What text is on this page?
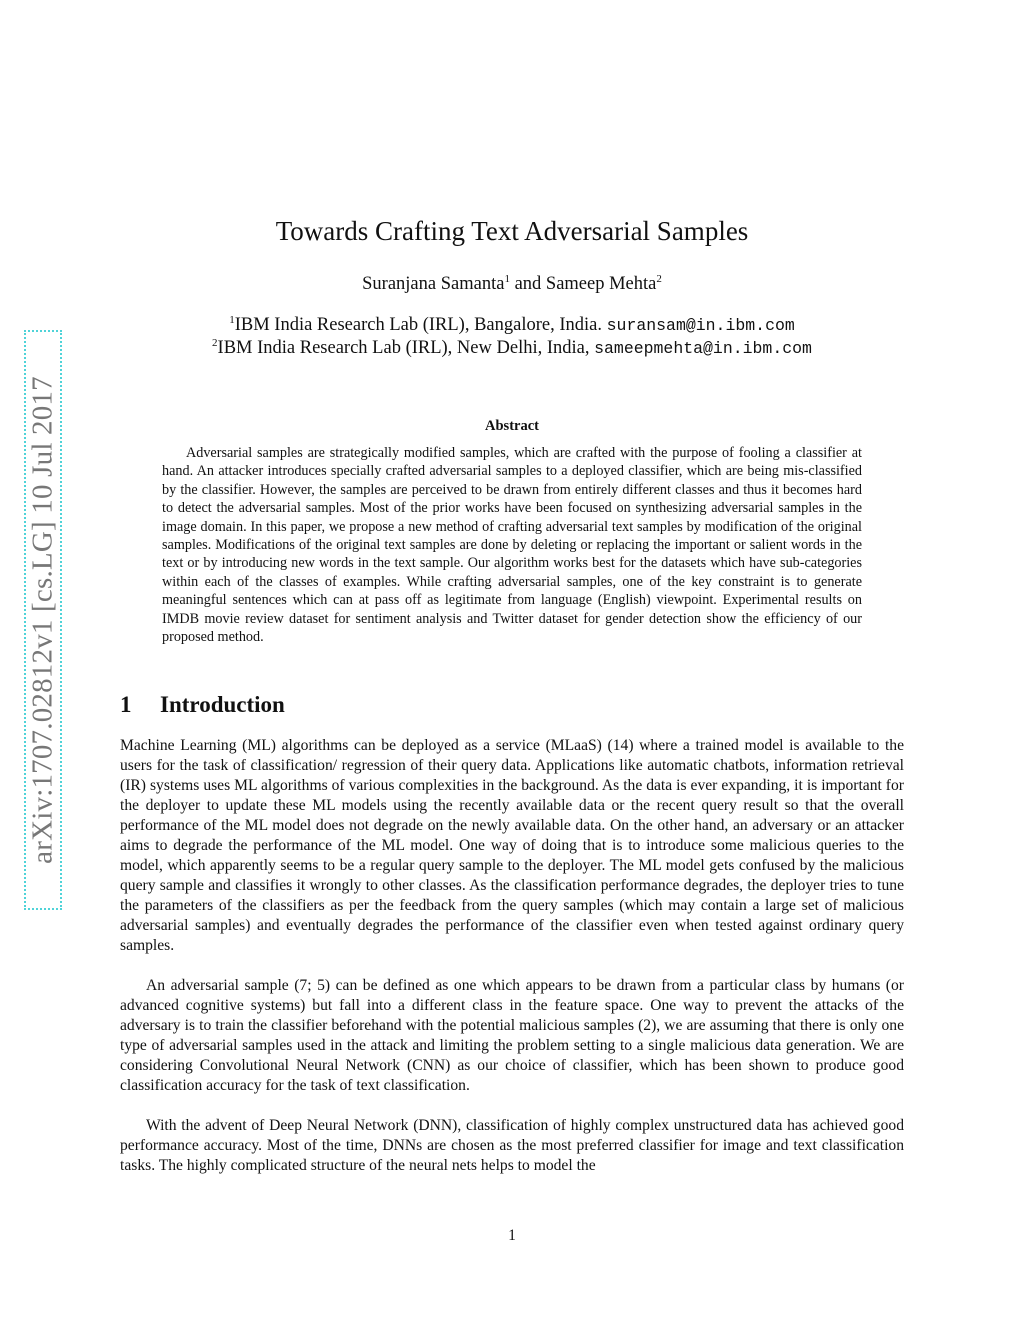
arXiv:1707.02812v1 [cs.LG] 10 Jul 2017
Towards Crafting Text Adversarial Samples
Suranjana Samanta$^1$ and Sameep Mehta$^2$
$^1$IBM India Research Lab (IRL), Bangalore, India. suransam@in.ibm.com
$^2$IBM India Research Lab (IRL), New Delhi, India, sameepmehta@in.ibm.com
Abstract
Adversarial samples are strategically modified samples, which are crafted with the purpose of fooling a classifier at hand. An attacker introduces specially crafted adversarial samples to a deployed classifier, which are being mis-classified by the classifier. However, the samples are perceived to be drawn from entirely different classes and thus it becomes hard to detect the adversarial samples. Most of the prior works have been focused on synthesizing adversarial samples in the image domain. In this paper, we propose a new method of crafting adversarial text samples by modification of the original samples. Modifications of the original text samples are done by deleting or replacing the important or salient words in the text or by introducing new words in the text sample. Our algorithm works best for the datasets which have sub-categories within each of the classes of examples. While crafting adversarial samples, one of the key constraint is to generate meaningful sentences which can at pass off as legitimate from language (English) viewpoint. Experimental results on IMDB movie review dataset for sentiment analysis and Twitter dataset for gender detection show the efficiency of our proposed method.
1 Introduction

Machine Learning (ML) algorithms can be deployed as a service (MLaaS) (14) where a trained model is available to the users for the task of classification/ regression of their query data. Applications like automatic chatbots, information retrieval (IR) systems uses ML algorithms of various complexities in the background. As the data is ever expanding, it is important for the deployer to update these ML models using the recently available data or the recent query result so that the overall performance of the ML model does not degrade on the newly available data. On the other hand, an adversary or an attacker aims to degrade the performance of the ML model. One way of doing that is to introduce some malicious queries to the model, which apparently seems to be a regular query sample to the deployer. The ML model gets confused by the malicious query sample and classifies it wrongly to other classes. As the classification performance degrades, the deployer tries to tune the parameters of the classifiers as per the feedback from the query samples (which may contain a large set of malicious adversarial samples) and eventually degrades the performance of the classifier even when tested against ordinary query samples.

An adversarial sample (7; 5) can be defined as one which appears to be drawn from a particular class by humans (or advanced cognitive systems) but fall into a different class in the feature space. One way to prevent the attacks of the adversary is to train the classifier beforehand with the potential malicious samples (2), we are assuming that there is only one type of adversarial samples used in the attack and limiting the problem setting to a single malicious data generation. We are considering Convolutional Neural Network (CNN) as our choice of classifier, which has been shown to produce good classification accuracy for the task of text classification.

With the advent of Deep Neural Network (DNN), classification of highly complex unstructured data has achieved good performance accuracy. Most of the time, DNNs are chosen as the most preferred classifier for image and text classification tasks. The highly complicated structure of the neural nets helps to model the

1
